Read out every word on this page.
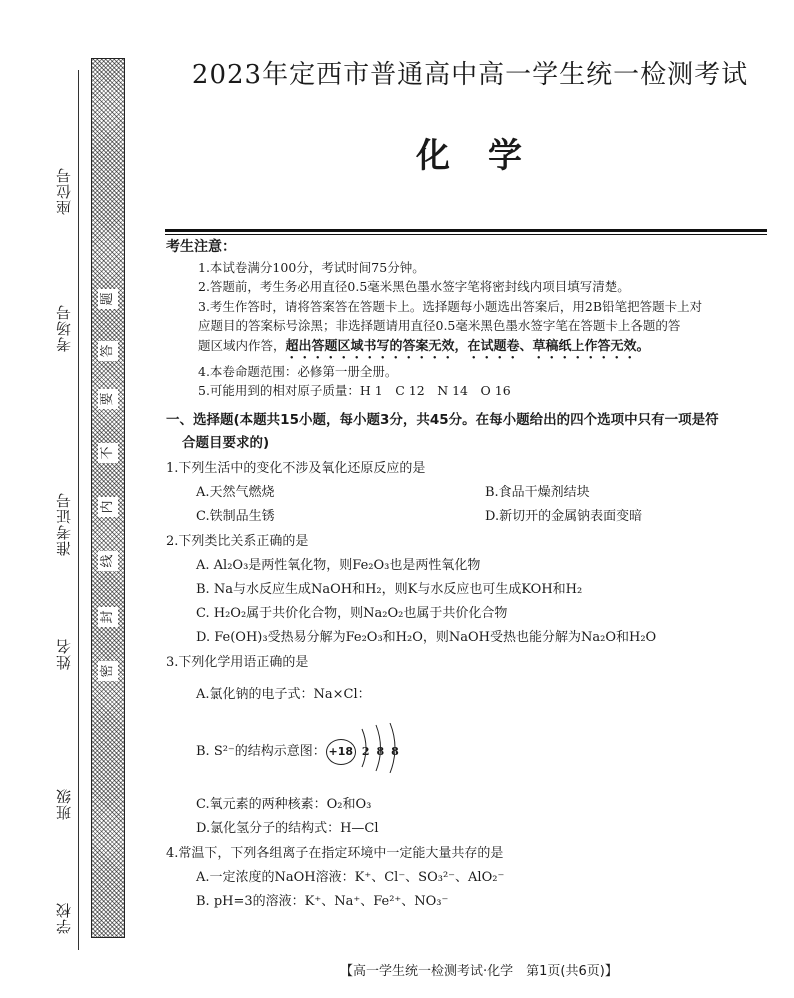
座位号
考场号
准考证号
姓名
班级
学校
密
封
线
内
不
要
答
题
2023年定西市普通高中高一学生统一检测考试
化　学
考生注意：
1.本试卷满分100分，考试时间75分钟。
2.答题前，考生务必用直径0.5毫米黑色墨水签字笔将密封线内项目填写清楚。
3.考生作答时，请将答案答在答题卡上。选择题每小题选出答案后，用2B铅笔把答题卡上对
应题目的答案标号涂黑；非选择题请用直径0.5毫米黑色墨水签字笔在答题卡上各题的答
题区域内作答，超出答题区域书写的答案无效，在试题卷、草稿纸上作答无效。
4.本卷命题范围：必修第一册全册。
5.可能用到的相对原子质量：H 1　C 12　N 14　O 16
一、选择题(本题共15小题，每小题3分，共45分。在每小题给出的四个选项中只有一项是符
合题目要求的)
1.下列生活中的变化不涉及氧化还原反应的是
A.天然气燃烧	B.食品干燥剂结块
C.铁制品生锈	D.新切开的金属钠表面变暗
2.下列类比关系正确的是
A. Al₂O₃是两性氧化物，则Fe₂O₃也是两性氧化物
B. Na与水反应生成NaOH和H₂，则K与水反应也可生成KOH和H₂
C. H₂O₂属于共价化合物，则Na₂O₂也属于共价化合物
D. Fe(OH)₃受热易分解为Fe₂O₃和H₂O，则NaOH受热也能分解为Na₂O和H₂O
3.下列化学用语正确的是
A.氯化钠的电子式：Na×Cl：
B. S²⁻的结构示意图： +18 2 8 8
C.氧元素的两种核素：O₂和O₃
D.氯化氢分子的结构式：H—Cl
4.常温下，下列各组离子在指定环境中一定能大量共存的是
A.一定浓度的NaOH溶液：K⁺、Cl⁻、SO₃²⁻、AlO₂⁻
B. pH=3的溶液：K⁺、Na⁺、Fe²⁺、NO₃⁻
【高一学生统一检测考试·化学　第1页(共6页)】
